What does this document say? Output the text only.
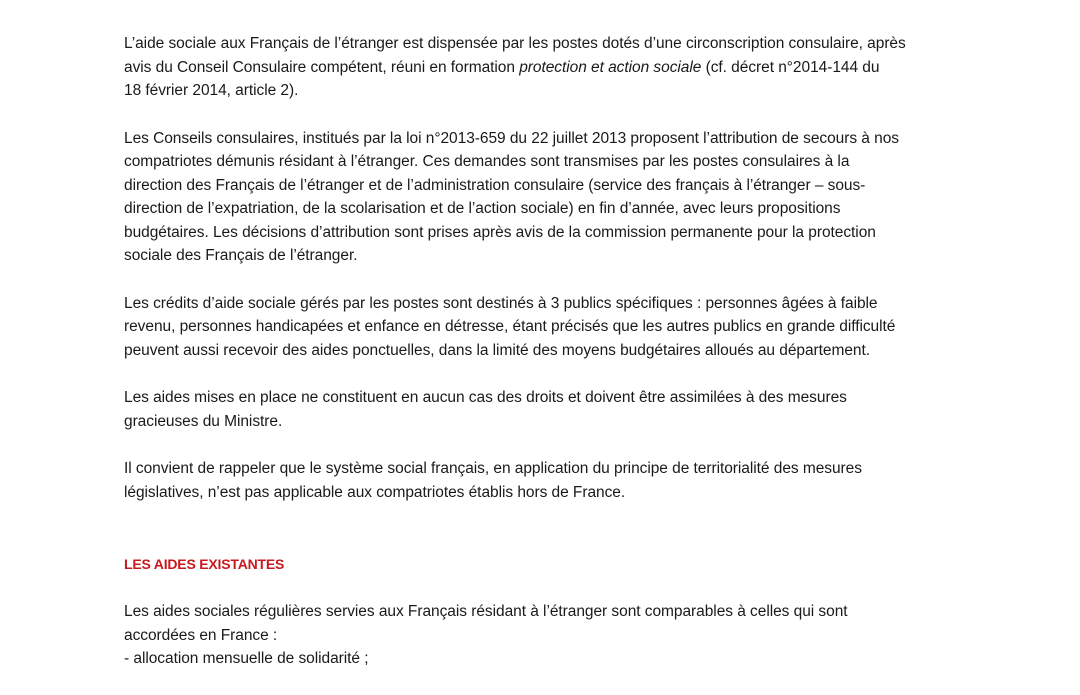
L’aide sociale aux Français de l’étranger est dispensée par les postes dotés d’une circonscription consulaire, après
avis du Conseil Consulaire compétent, réuni en formation protection et action sociale (cf. décret n°2014-144 du
18 février 2014, article 2).

Les Conseils consulaires, institués par la loi n°2013-659 du 22 juillet 2013 proposent l’attribution de secours à nos
compatriotes démunis résidant à l’étranger. Ces demandes sont transmises par les postes consulaires à la
direction des Français de l’étranger et de l’administration consulaire (service des français à l’étranger – sous-
direction de l’expatriation, de la scolarisation et de l’action sociale) en fin d’année, avec leurs propositions
budgétaires. Les décisions d’attribution sont prises après avis de la commission permanente pour la protection
sociale des Français de l’étranger.

Les crédits d’aide sociale gérés par les postes sont destinés à 3 publics spécifiques : personnes âgées à faible
revenu, personnes handicapées et enfance en détresse, étant précisés que les autres publics en grande difficulté
peuvent aussi recevoir des aides ponctuelles, dans la limité des moyens budgétaires alloués au département.

Les aides mises en place ne constituent en aucun cas des droits et doivent être assimilées à des mesures
gracieuses du Ministre.

Il convient de rappeler que le système social français, en application du principe de territorialité des mesures
législatives, n’est pas applicable aux compatriotes établis hors de France.

LES AIDES EXISTANTES

Les aides sociales régulières servies aux Français résidant à l’étranger sont comparables à celles qui sont
accordées en France :
- allocation mensuelle de solidarité ;
